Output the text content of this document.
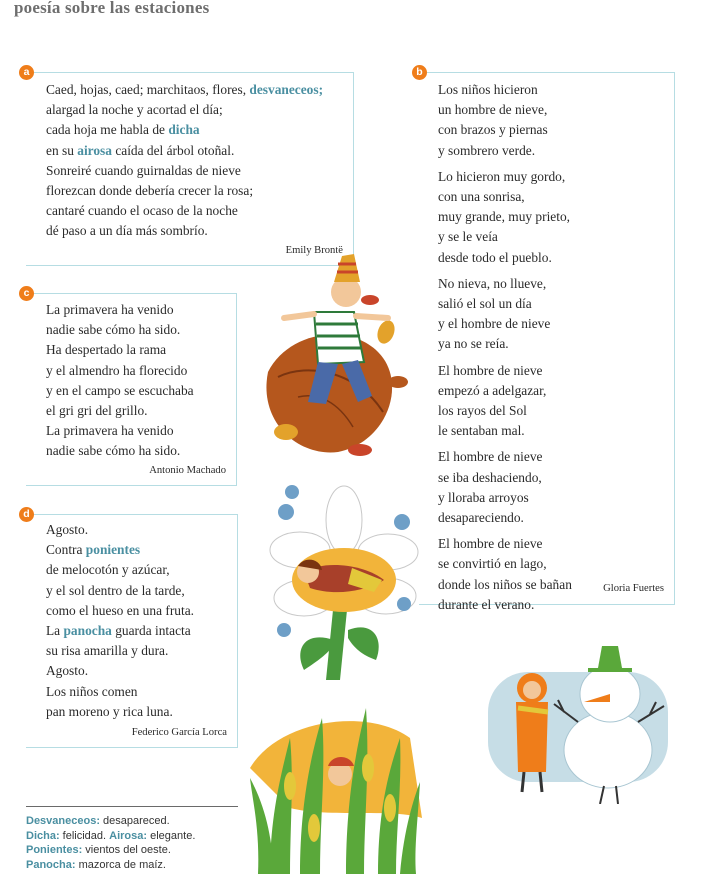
poesía sobre las estaciones
Caed, hojas, caed; marchitaos, flores, desvaneceos;
alargad la noche y acortad el día;
cada hoja me habla de dicha
en su airosa caída del árbol otoñal.
Sonreiré cuando guirnaldas de nieve
florezcan donde debería crecer la rosa;
cantaré cuando el ocaso de la noche
dé paso a un día más sombrío.
Emily Brontë
a
Los niños hicieron
un hombre de nieve,
con brazos y piernas
y sombrero verde.
Lo hicieron muy gordo,
con una sonrisa,
muy grande, muy prieto,
y se le veía
desde todo el pueblo.
No nieva, no llueve,
salió el sol un día
y el hombre de nieve
ya no se reía.
El hombre de nieve
empezó a adelgazar,
los rayos del Sol
le sentaban mal.
El hombre de nieve
se iba deshaciendo,
y lloraba arroyos
desapareciendo.
El hombre de nieve
se convirtió en lago,
donde los niños se bañan
durante el verano.
Gloria Fuertes
b
La primavera ha venido
nadie sabe cómo ha sido.
Ha despertado la rama
y el almendro ha florecido
y en el campo se escuchaba
el gri gri del grillo.
La primavera ha venido
nadie sabe cómo ha sido.
Antonio Machado
c
Agosto.
Contra ponientes
de melocotón y azúcar,
y el sol dentro de la tarde,
como el hueso en una fruta.
La panocha guarda intacta
su risa amarilla y dura.
Agosto.
Los niños comen
pan moreno y rica luna.
Federico García Lorca
d
Desvaneceos: desapareced.
Dicha: felicidad. Airosa: elegante.
Ponientes: vientos del oeste.
Panocha: mazorca de maíz.
